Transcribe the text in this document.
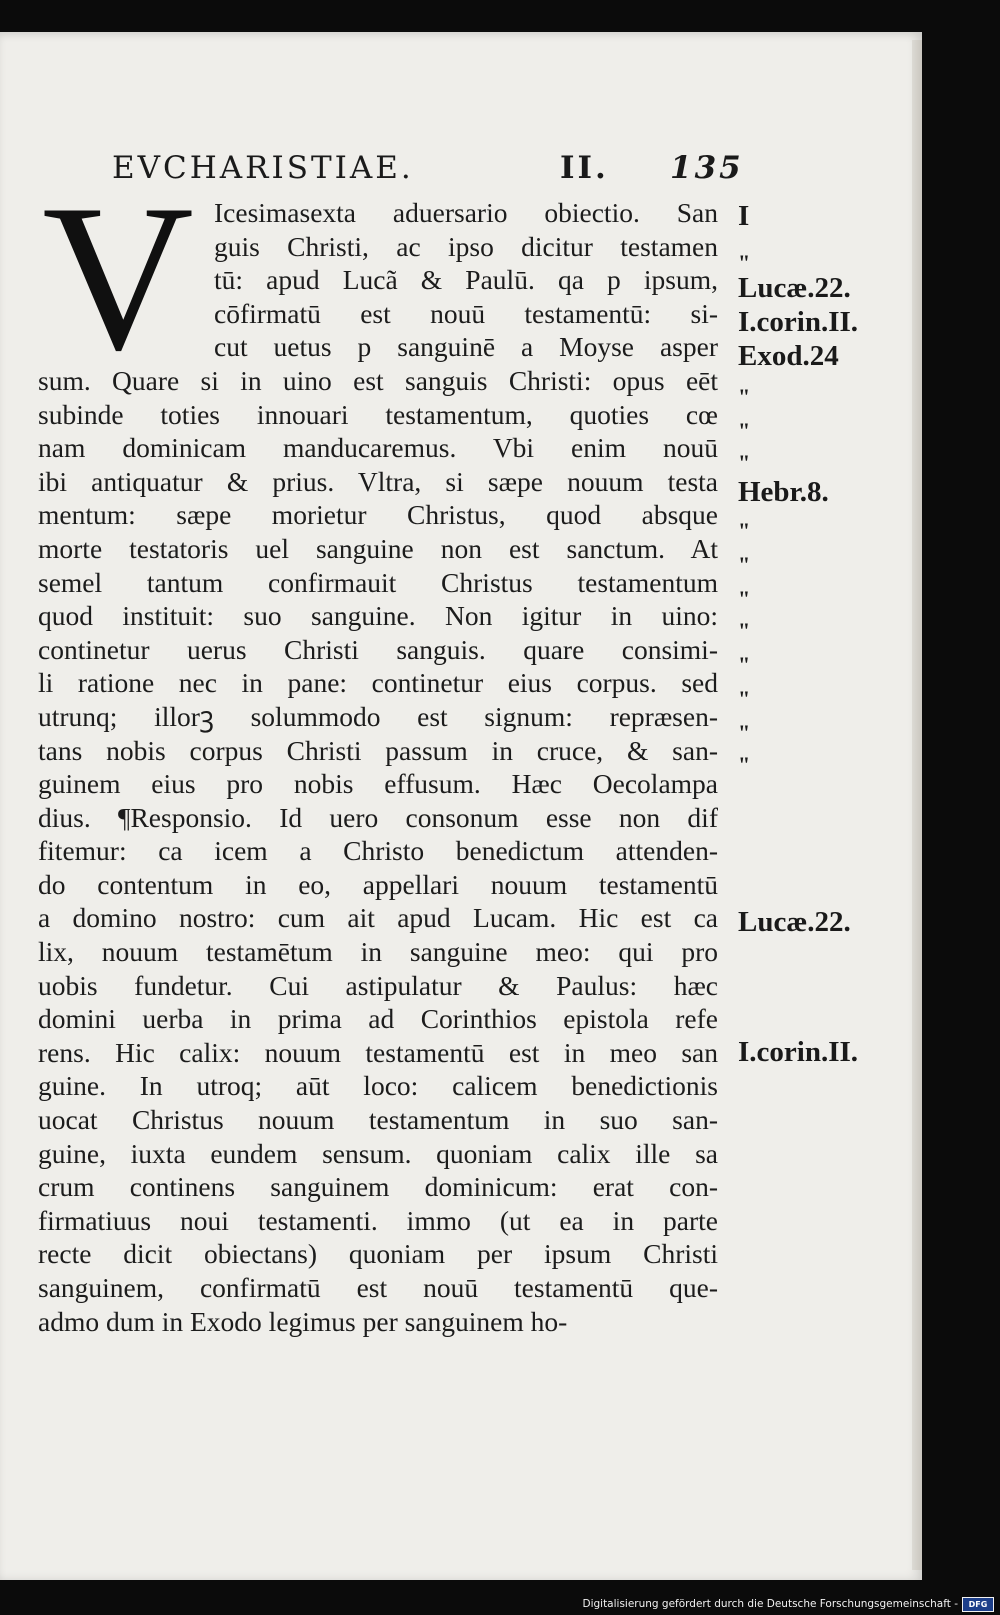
EVCHARISTIAE.	II. 135
V Icesimasexta aduersario obiectio. San
guis Christi, ac ipso dicitur testamen
tū: apud Lucã & Paulū. qa p ipsum,
cōfirmatū est nouū testamentū: si-
cut uetus p sanguinē a Moyse asper
sum. Quare si in uino est sanguis Christi: opus eēt
subinde toties innouari testamentum, quoties cœ
nam dominicam manducaremus. Vbi enim nouū
ibi antiquatur & prius. Vltra, si sæpe nouum testa
mentum: sæpe morietur Christus, quod absque
morte testatoris uel sanguine non est sanctum. At
semel tantum confirmauit Christus testamentum
quod instituit: suo sanguine. Non igitur in uino:
continetur uerus Christi sanguis. quare consimi-
li ratione nec in pane: continetur eius corpus. sed
utrunq; illorꝫ solummodo est signum: repræsen-
tans nobis corpus Christi passum in cruce, & san-
guinem eius pro nobis effusum. Hæc Oecolampa
dius. ¶Responsio. Id uero consonum esse non dif
fitemur: ca icem a Christo benedictum attenden-
do contentum in eo, appellari nouum testamentū
a domino nostro: cum ait apud Lucam. Hic est ca
lix, nouum testamētum in sanguine meo: qui pro
uobis fundetur. Cui astipulatur & Paulus: hæc
domini uerba in prima ad Corinthios epistola refe
rens. Hic calix: nouum testamentū est in meo san
guine. In utroq; aūt loco: calicem benedictionis
uocat Christus nouum testamentum in suo san-
guine, iuxta eundem sensum. quoniam calix ille sa
crum continens sanguinem dominicum: erat con-
firmatiuus noui testamenti. immo (ut ea in parte
recte dicit obiectans) quoniam per ipsum Christi
sanguinem, confirmatū est nouū testamentū que-
admo dum in Exodo legimus per sanguinem ho-
I
"
Lucæ.22.
I.corin.II.
Exod.24
"
"
"
Hebr.8.
"
"
"
"
"
"
"
"
Lucæ.22.
I.corin.II.
Digitalisierung gefördert durch die Deutsche Forschungsgemeinschaft -	DFG
